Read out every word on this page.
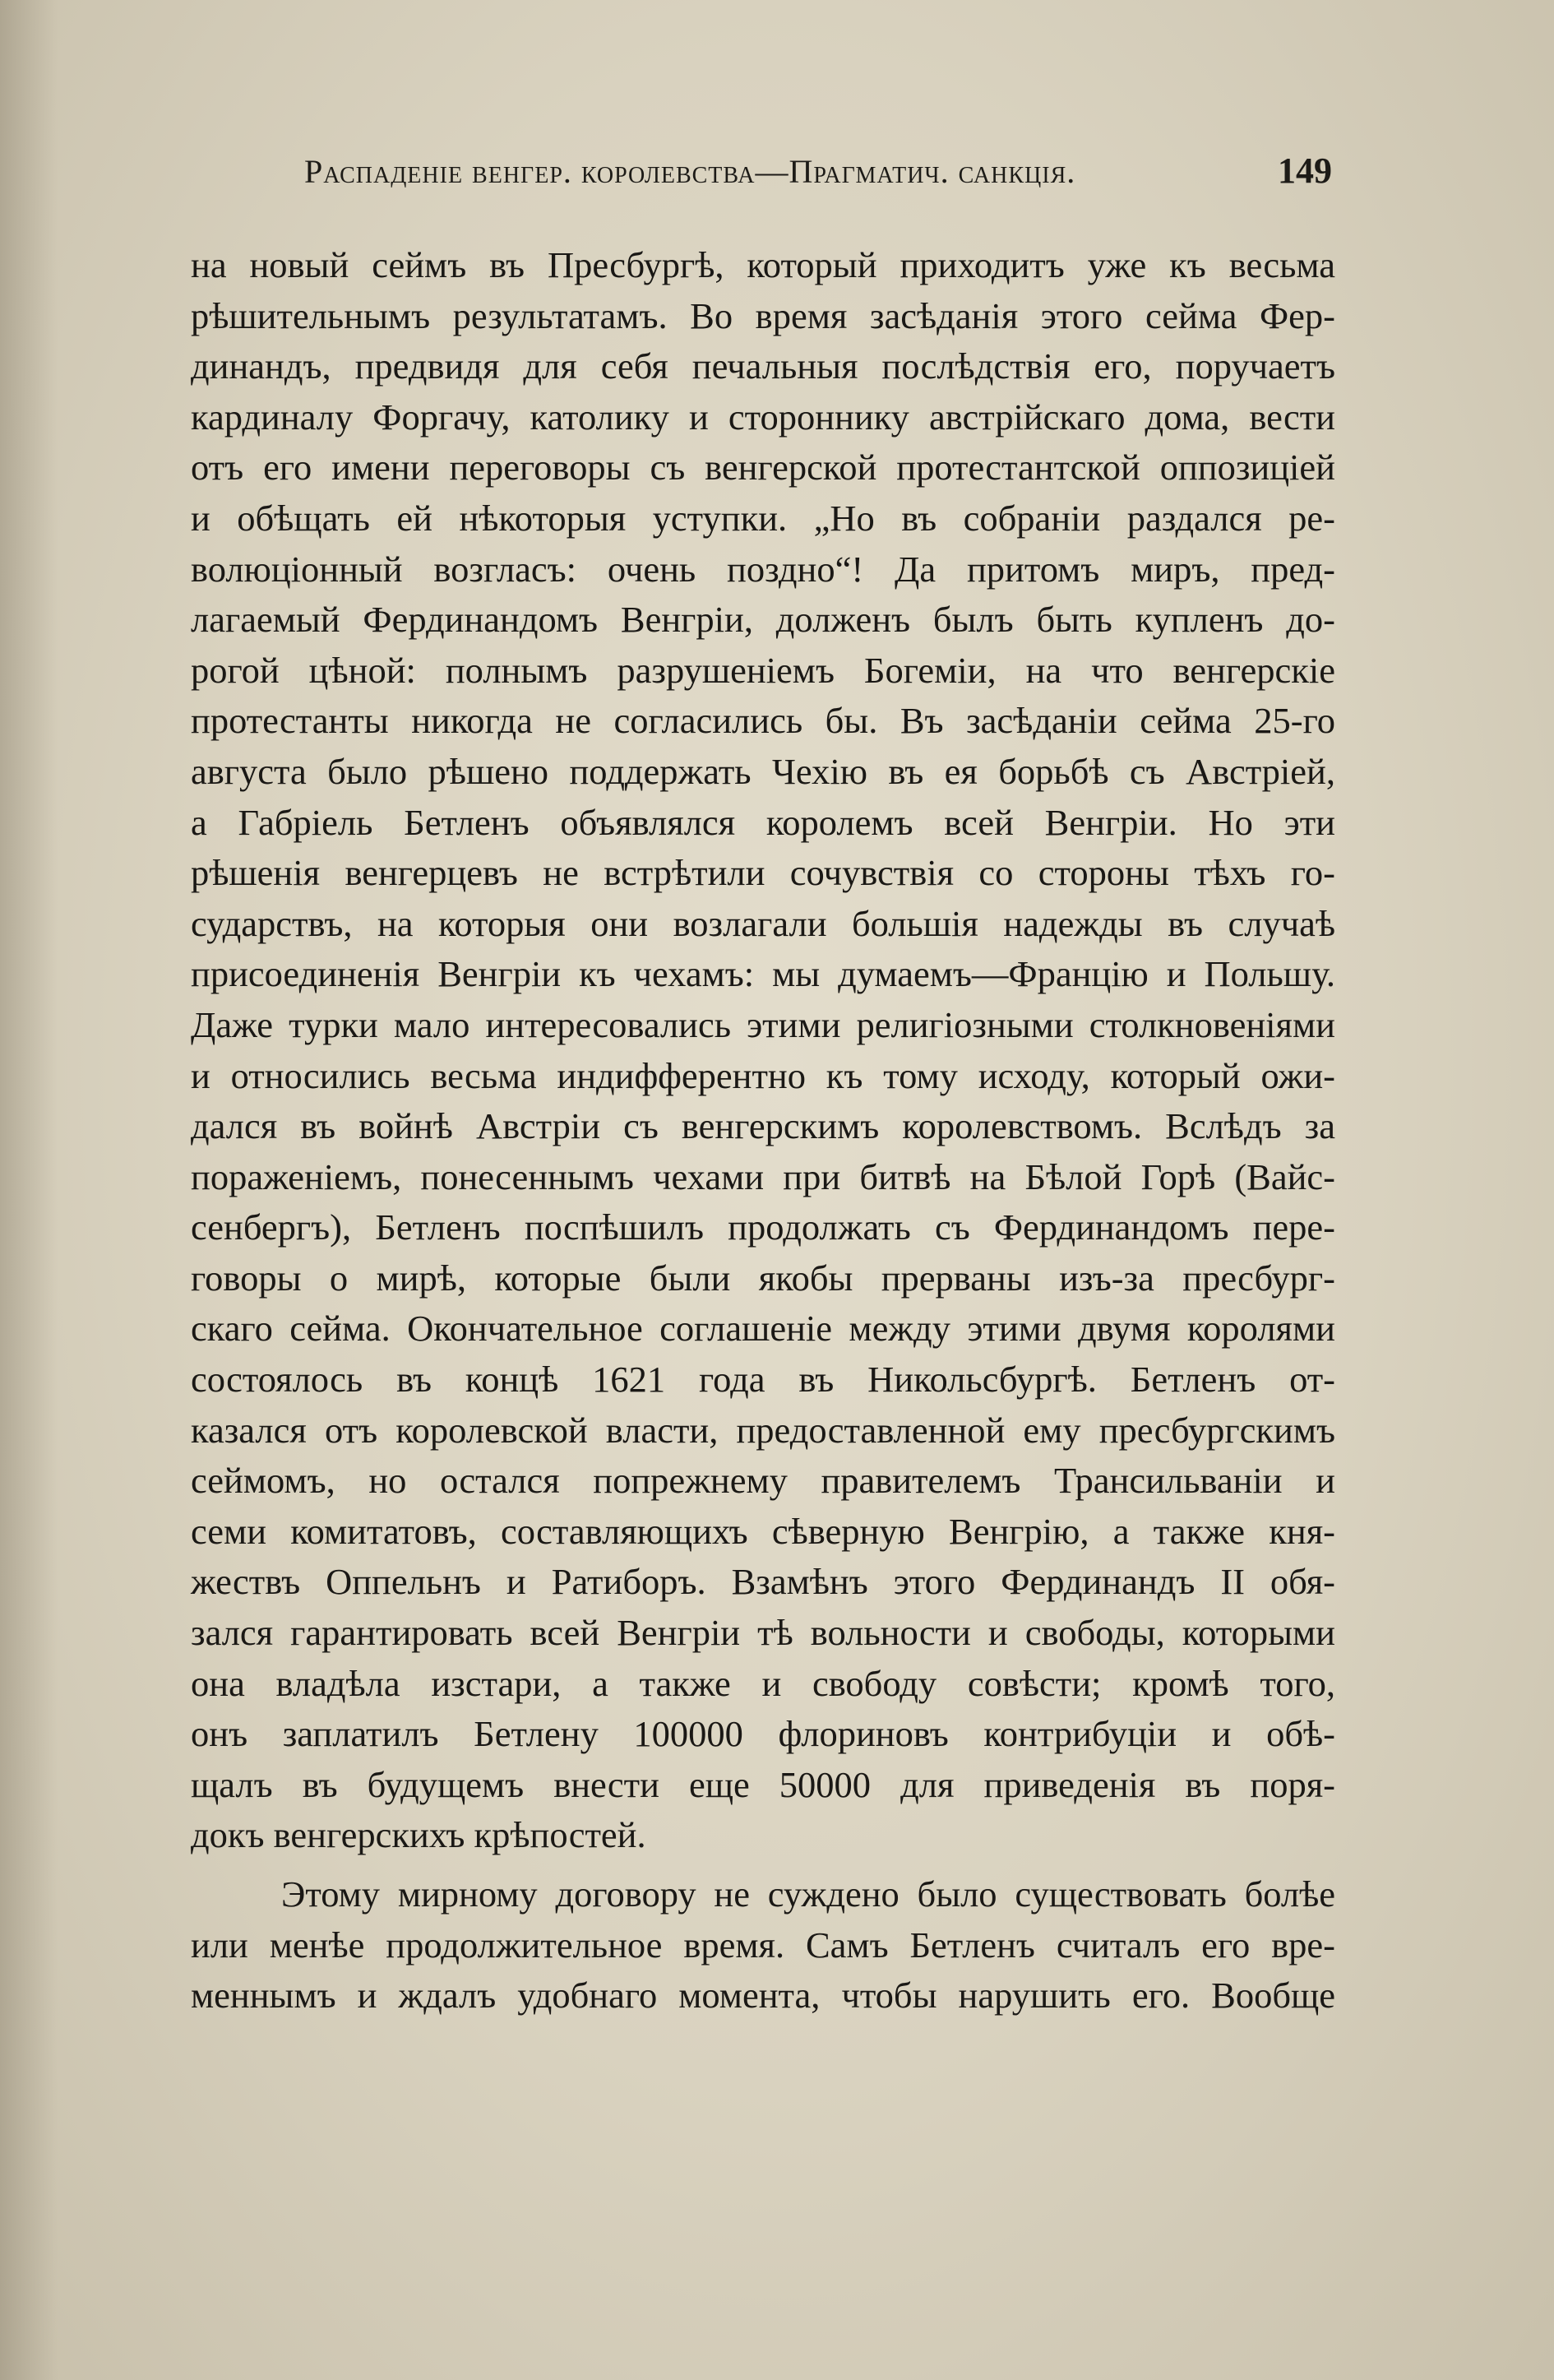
Распаденіе венгер. королевства—Прагматич. санкція.	149
на новый сеймъ въ Пресбургѣ, который приходитъ уже къ весьма
рѣшительнымъ результатамъ. Во время засѣданія этого сейма Фер-
динандъ, предвидя для себя печальныя послѣдствія его, поручаетъ
кардиналу Форгачу, католику и стороннику австрійскаго дома, вести
отъ его имени переговоры съ венгерской протестантской оппозиціей
и обѣщать ей нѣкоторыя уступки. „Но въ собраніи раздался ре-
волюціонный возгласъ: очень поздно“! Да притомъ миръ, пред-
лагаемый Фердинандомъ Венгріи, долженъ былъ быть купленъ до-
рогой цѣной: полнымъ разрушеніемъ Богеміи, на что венгерскіе
протестанты никогда не согласились бы. Въ засѣданіи сейма 25-го
августа было рѣшено поддержать Чехію въ ея борьбѣ съ Австріей,
а Габріель Бетленъ объявлялся королемъ всей Венгріи. Но эти
рѣшенія венгерцевъ не встрѣтили сочувствія со стороны тѣхъ го-
сударствъ, на которыя они возлагали большія надежды въ случаѣ
присоединенія Венгріи къ чехамъ: мы думаемъ—Францію и Польшу.
Даже турки мало интересовались этими религіозными столкновеніями
и относились весьма индифферентно къ тому исходу, который ожи-
дался въ войнѣ Австріи съ венгерскимъ королевствомъ. Вслѣдъ за
пораженіемъ, понесеннымъ чехами при битвѣ на Бѣлой Горѣ (Вайс-
сенбергъ), Бетленъ поспѣшилъ продолжать съ Фердинандомъ пере-
говоры о мирѣ, которые были якобы прерваны изъ-за пресбург-
скаго сейма. Окончательное соглашеніе между этими двумя королями
состоялось въ концѣ 1621 года въ Никольсбургѣ. Бетленъ от-
казался отъ королевской власти, предоставленной ему пресбургскимъ
сеймомъ, но остался попрежнему правителемъ Трансильваніи и
семи комитатовъ, составляющихъ сѣверную Венгрію, а также кня-
жествъ Оппельнъ и Ратиборъ. Взамѣнъ этого Фердинандъ II обя-
зался гарантировать всей Венгріи тѣ вольности и свободы, которыми
она владѣла изстари, а также и свободу совѣсти; кромѣ того,
онъ заплатилъ Бетлену 100000 флориновъ контрибуціи и обѣ-
щалъ въ будущемъ внести еще 50000 для приведенія въ поря-
докъ венгерскихъ крѣпостей.
Этому мирному договору не суждено было существовать болѣе
или менѣе продолжительное время. Самъ Бетленъ считалъ его вре-
меннымъ и ждалъ удобнаго момента, чтобы нарушить его. Вообще
